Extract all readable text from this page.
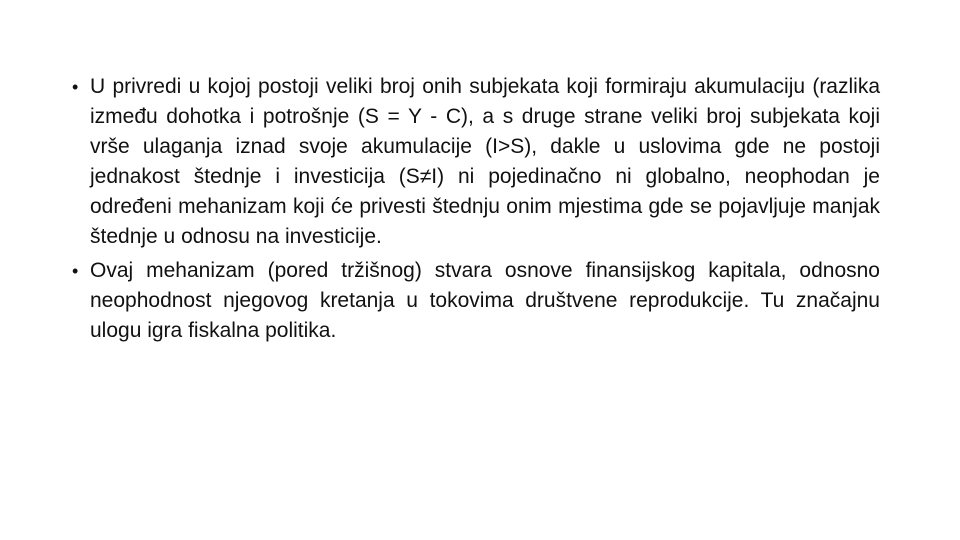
• U privredi u kojoj postoji veliki broj onih subjekata koji formiraju akumulaciju (razlika između dohotka i potrošnje (S = Y - C), a s druge strane veliki broj subjekata koji vrše ulaganja iznad svoje akumulacije (I>S), dakle u uslovima gde ne postoji jednakost štednje i investicija (S≠I) ni pojedinačno ni globalno, neophodan je određeni mehanizam koji će privesti štednju onim mjestima gde se pojavljuje manjak štednje u odnosu na investicije.
• Ovaj mehanizam (pored tržišnog) stvara osnove finansijskog kapitala, odnosno neophodnost njegovog kretanja u tokovima društvene reprodukcije. Tu značajnu ulogu igra fiskalna politika.
